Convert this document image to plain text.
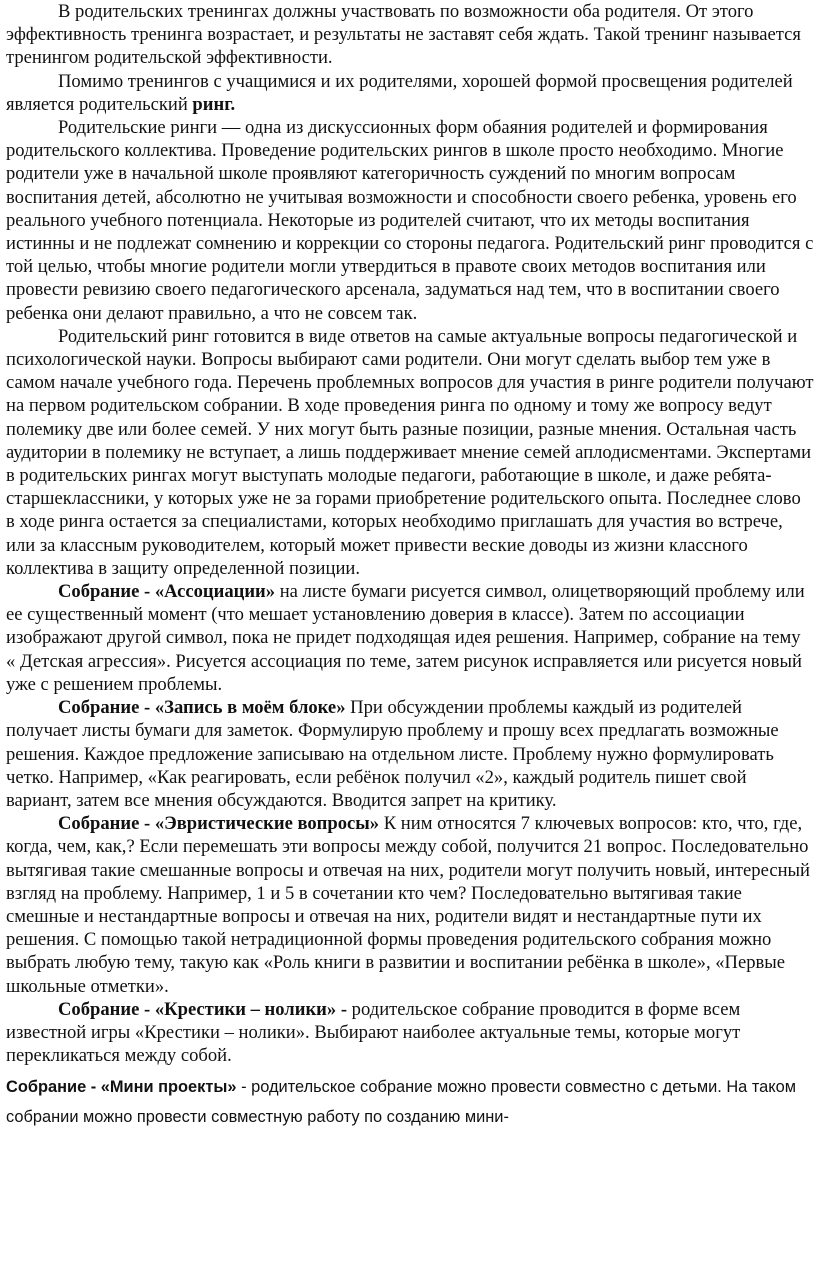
В родительских тренингах должны участвовать по возможности оба родителя. От этого эффективность тренинга возрастает, и результаты не заставят себя ждать. Такой тренинг называется тренингом родительской эффективности.

Помимо тренингов с учащимися и их родителями, хорошей формой просвещения родителей является родительский ринг.

Родительские ринги — одна из дискуссионных форм обаяния родителей и формирования родительского коллектива. Проведение родительских рингов в школе просто необходимо. Многие родители уже в начальной школе проявляют категоричность суждений по многим вопросам воспитания детей, абсолютно не учитывая возможности и способности своего ребенка, уровень его реального учебного потенциала. Некоторые из родителей считают, что их методы воспитания истинны и не подлежат сомнению и коррекции со стороны педагога. Родительский ринг проводится с той целью, чтобы многие родители могли утвердиться в правоте своих методов воспитания или провести ревизию своего педагогического арсенала, задуматься над тем, что в воспитании своего ребенка они делают правильно, а что не совсем так.

Родительский ринг готовится в виде ответов на самые актуальные вопросы педагогической и психологической науки. Вопросы выбирают сами родители. Они могут сделать выбор тем уже в самом начале учебного года. Перечень проблемных вопросов для участия в ринге родители получают на первом родительском собрании. В ходе проведения ринга по одному и тому же вопросу ведут полемику две или более семей. У них могут быть разные позиции, разные мнения. Остальная часть аудитории в полемику не вступает, а лишь поддерживает мнение семей аплодисментами. Экспертами в родительских рингах могут выступать молодые педагоги, работающие в школе, и даже ребята-старшеклассники, у которых уже не за горами приобретение родительского опыта. Последнее слово в ходе ринга остается за специалистами, которых необходимо приглашать для участия во встрече, или за классным руководителем, который может привести веские доводы из жизни классного коллектива в защиту определенной позиции.

Собрание - «Ассоциации» на листе бумаги рисуется символ, олицетворяющий проблему или ее существенный момент (что мешает установлению доверия в классе). Затем по ассоциации изображают другой символ, пока не придет подходящая идея решения. Например, собрание на тему « Детская агрессия». Рисуется ассоциация по теме, затем рисунок исправляется или рисуется новый уже с решением проблемы.

Собрание - «Запись в моём блоке» При обсуждении проблемы каждый из родителей получает листы бумаги для заметок. Формулирую проблему и прошу всех предлагать возможные решения. Каждое предложение записываю на отдельном листе. Проблему нужно формулировать четко. Например, «Как реагировать, если ребёнок получил «2», каждый родитель пишет свой вариант, затем все мнения обсуждаются. Вводится запрет на критику.

Собрание - «Эвристические вопросы» К ним относятся 7 ключевых вопросов: кто, что, где, когда, чем, как,? Если перемешать эти вопросы между собой, получится 21 вопрос. Последовательно вытягивая такие смешанные вопросы и отвечая на них, родители могут получить новый, интересный взгляд на проблему. Например, 1 и 5 в сочетании кто чем? Последовательно вытягивая такие смешные и нестандартные вопросы и отвечая на них, родители видят и нестандартные пути их решения. С помощью такой нетрадиционной формы проведения родительского собрания можно выбрать любую тему, такую как «Роль книги в развитии и воспитании ребёнка в школе», «Первые школьные отметки».

Собрание - «Крестики – нолики» - родительское собрание проводится в форме всем известной игры «Крестики – нолики». Выбирают наиболее актуальные темы, которые могут перекликаться между собой.

Собрание - «Мини проекты» - родительское собрание можно провести совместно с детьми. На таком собрании можно провести совместную работу по созданию мини-
